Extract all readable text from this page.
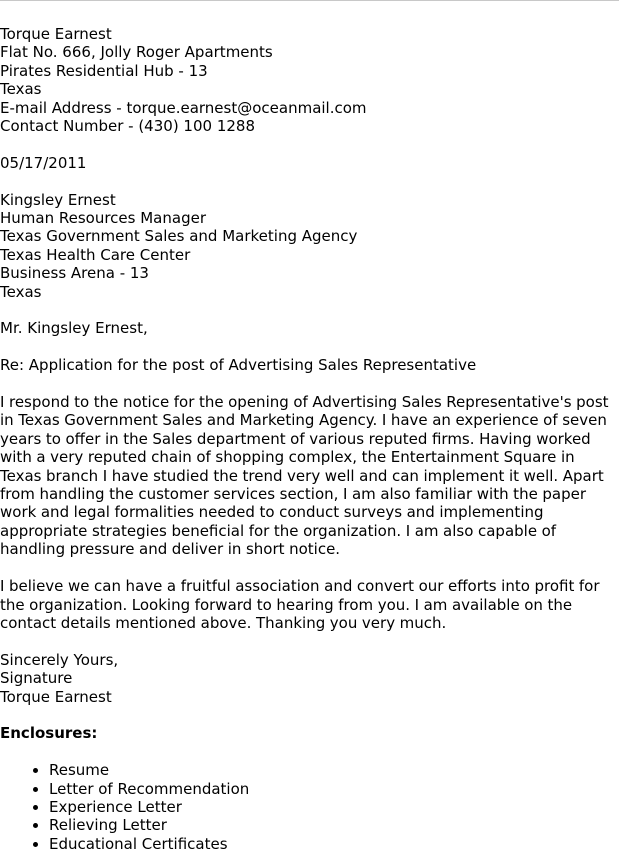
Torque Earnest
Flat No. 666, Jolly Roger Apartments
Pirates Residential Hub - 13
Texas
E-mail Address - torque.earnest@oceanmail.com
Contact Number - (430) 100 1288
05/17/2011
Kingsley Ernest
Human Resources Manager
Texas Government Sales and Marketing Agency
Texas Health Care Center
Business Arena - 13
Texas
Mr. Kingsley Ernest,
Re: Application for the post of Advertising Sales Representative

I respond to the notice for the opening of Advertising Sales Representative's post in Texas Government Sales and Marketing Agency. I have an experience of seven years to offer in the Sales department of various reputed firms. Having worked with a very reputed chain of shopping complex, the Entertainment Square in Texas branch I have studied the trend very well and can implement it well. Apart from handling the customer services section, I am also familiar with the paper work and legal formalities needed to conduct surveys and implementing appropriate strategies beneficial for the organization. I am also capable of handling pressure and deliver in short notice.

I believe we can have a fruitful association and convert our efforts into profit for the organization. Looking forward to hearing from you. I am available on the contact details mentioned above. Thanking you very much.

Sincerely Yours,
Signature
Torque Earnest
Enclosures:
• Resume
• Letter of Recommendation
• Experience Letter
• Relieving Letter
• Educational Certificates
